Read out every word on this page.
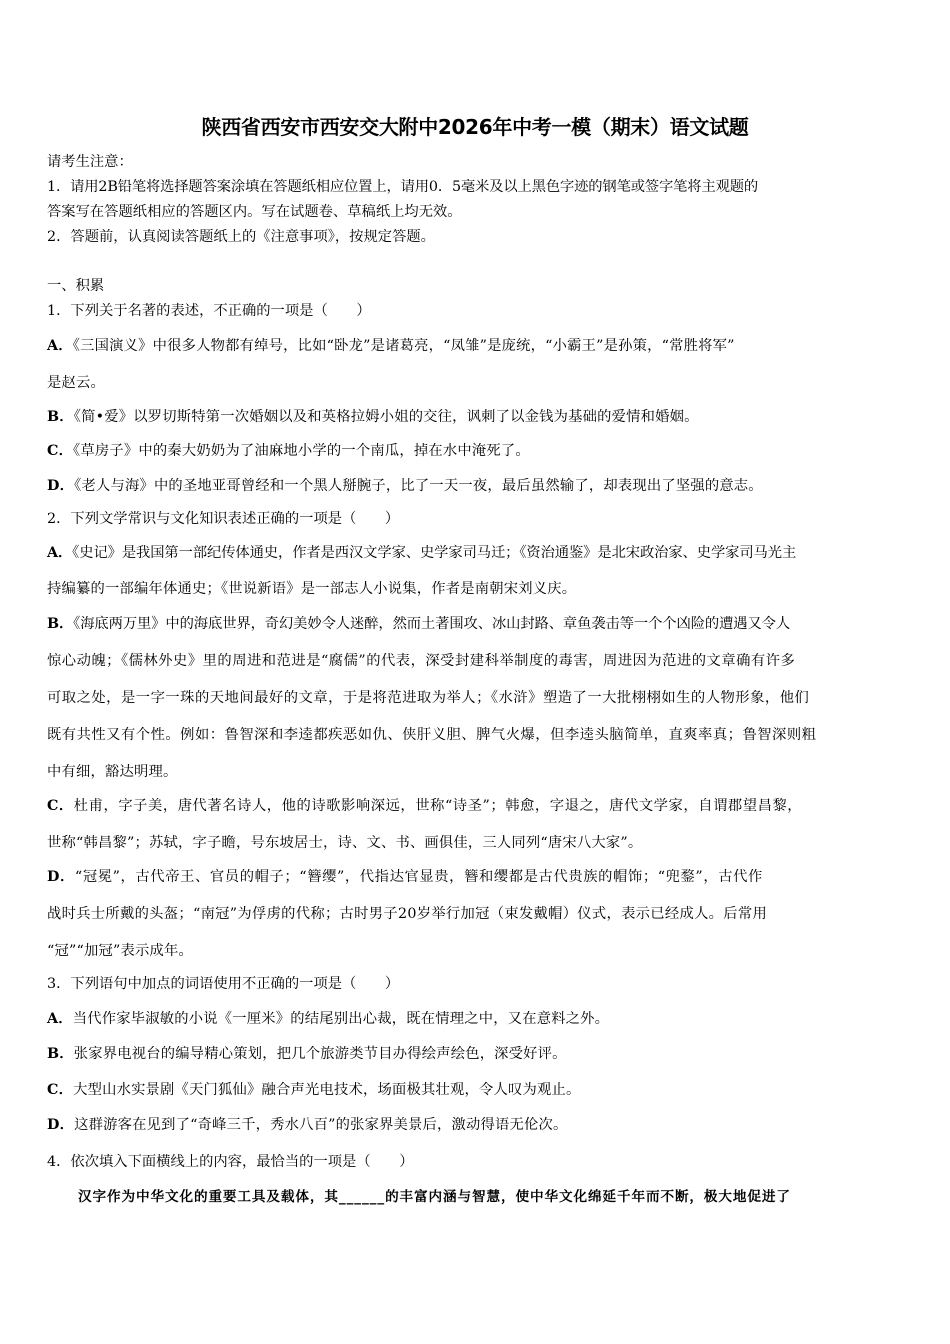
陕西省西安市西安交大附中2026年中考一模（期末）语文试题
请考生注意：
1．请用2B铅笔将选择题答案涂填在答题纸相应位置上，请用0．5毫米及以上黑色字迹的钢笔或签字笔将主观题的
答案写在答题纸相应的答题区内。写在试题卷、草稿纸上均无效。
2．答题前，认真阅读答题纸上的《注意事项》，按规定答题。
一、积累
1．下列关于名著的表述，不正确的一项是（　　）
A．《三国演义》中很多人物都有绰号，比如“卧龙”是诸葛亮，“凤雏”是庞统，“小霸王”是孙策，“常胜将军”
是赵云。
B．《简•爱》以罗切斯特第一次婚姻以及和英格拉姆小姐的交往，讽刺了以金钱为基础的爱情和婚姻。
C．《草房子》中的秦大奶奶为了油麻地小学的一个南瓜，掉在水中淹死了。
D．《老人与海》中的圣地亚哥曾经和一个黑人掰腕子，比了一天一夜，最后虽然输了，却表现出了坚强的意志。
2．下列文学常识与文化知识表述正确的一项是（　　）
A．《史记》是我国第一部纪传体通史，作者是西汉文学家、史学家司马迁；《资治通鉴》是北宋政治家、史学家司马光主
持编纂的一部编年体通史；《世说新语》是一部志人小说集，作者是南朝宋刘义庆。
B．《海底两万里》中的海底世界，奇幻美妙令人迷醉，然而土著围攻、冰山封路、章鱼袭击等一个个凶险的遭遇又令人
惊心动魄；《儒林外史》里的周进和范进是“腐儒”的代表，深受封建科举制度的毒害，周进因为范进的文章确有许多
可取之处，是一字一珠的天地间最好的文章，于是将范进取为举人；《水浒》塑造了一大批栩栩如生的人物形象，他们
既有共性又有个性。例如：鲁智深和李逵都疾恶如仇、侠肝义胆、脾气火爆，但李逵头脑简单，直爽率真；鲁智深则粗
中有细，豁达明理。
C．杜甫，字子美，唐代著名诗人，他的诗歌影响深远，世称“诗圣”；韩愈，字退之，唐代文学家，自谓郡望昌黎，
世称“韩昌黎”；苏轼，字子瞻，号东坡居士，诗、文、书、画俱佳，三人同列“唐宋八大家”。
D．“冠冕”，古代帝王、官员的帽子；“簪缨”，代指达官显贵，簪和缨都是古代贵族的帽饰；“兜鍪”，古代作
战时兵士所戴的头盔；“南冠”为俘虏的代称；古时男子20岁举行加冠（束发戴帽）仪式，表示已经成人。后常用
“冠”“加冠”表示成年。
3．下列语句中加点的词语使用不正确的一项是（　　）
A．当代作家毕淑敏的小说《一厘米》的结尾别出心裁，既在情理之中，又在意料之外。
B．张家界电视台的编导精心策划，把几个旅游类节目办得绘声绘色，深受好评。
C．大型山水实景剧《天门狐仙》融合声光电技术，场面极其壮观，令人叹为观止。
D．这群游客在见到了“奇峰三千，秀水八百”的张家界美景后，激动得语无伦次。
4．依次填入下面横线上的内容，最恰当的一项是（　　）
汉字作为中华文化的重要工具及载体，其______的丰富内涵与智慧，使中华文化绵延千年而不断，极大地促进了
